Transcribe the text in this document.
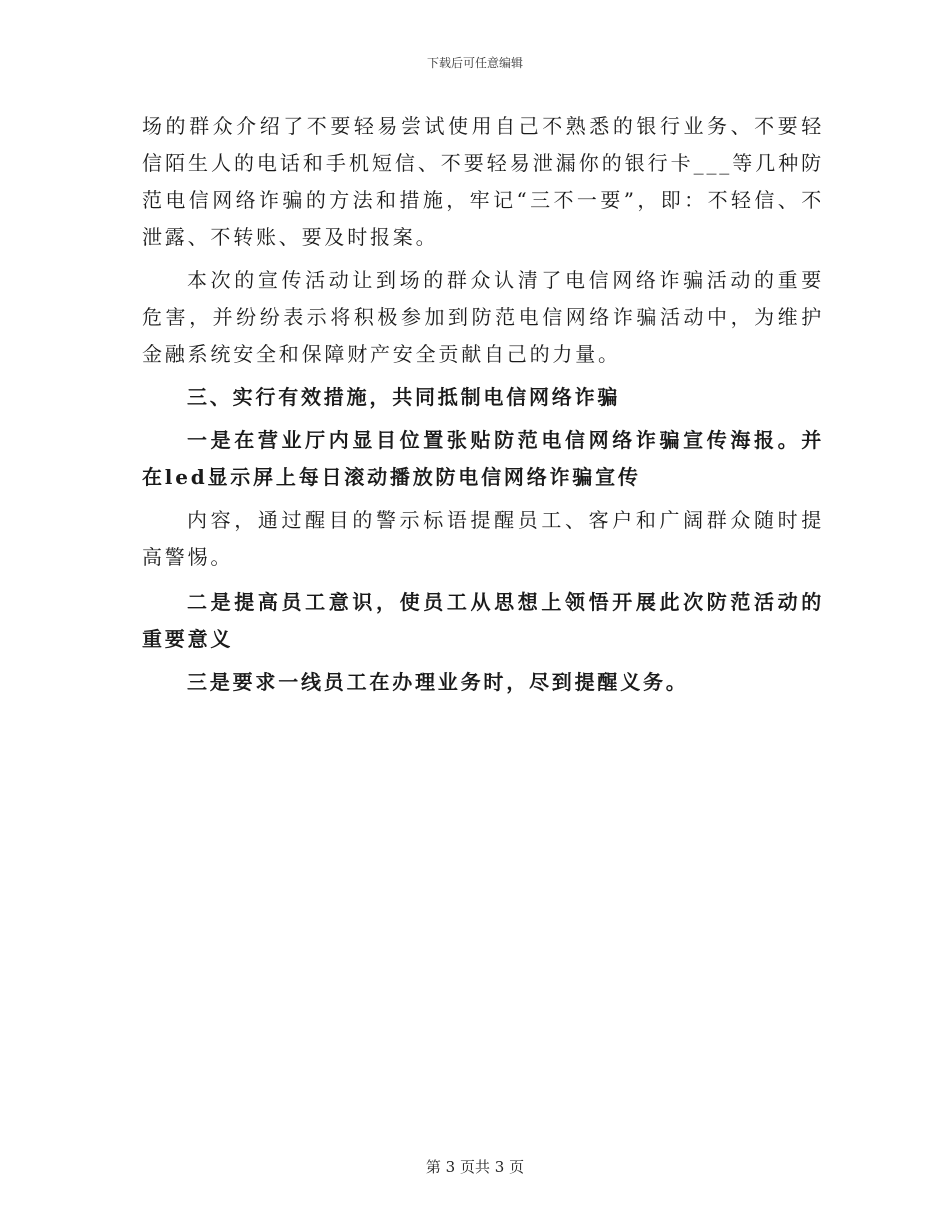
下载后可任意编辑

场的群众介绍了不要轻易尝试使用自己不熟悉的银行业务、不要轻信陌生人的电话和手机短信、不要轻易泄漏你的银行卡___等几种防范电信网络诈骗的方法和措施，牢记“三不一要”，即：不轻信、不泄露、不转账、要及时报案。

本次的宣传活动让到场的群众认清了电信网络诈骗活动的重要危害，并纷纷表示将积极参加到防范电信网络诈骗活动中，为维护金融系统安全和保障财产安全贡献自己的力量。

三、实行有效措施，共同抵制电信网络诈骗

一是在营业厅内显目位置张贴防范电信网络诈骗宣传海报。并在led显示屏上每日滚动播放防电信网络诈骗宣传

内容，通过醒目的警示标语提醒员工、客户和广阔群众随时提高警惕。

二是提高员工意识，使员工从思想上领悟开展此次防范活动的重要意义

三是要求一线员工在办理业务时，尽到提醒义务。

第 3 页共 3 页
